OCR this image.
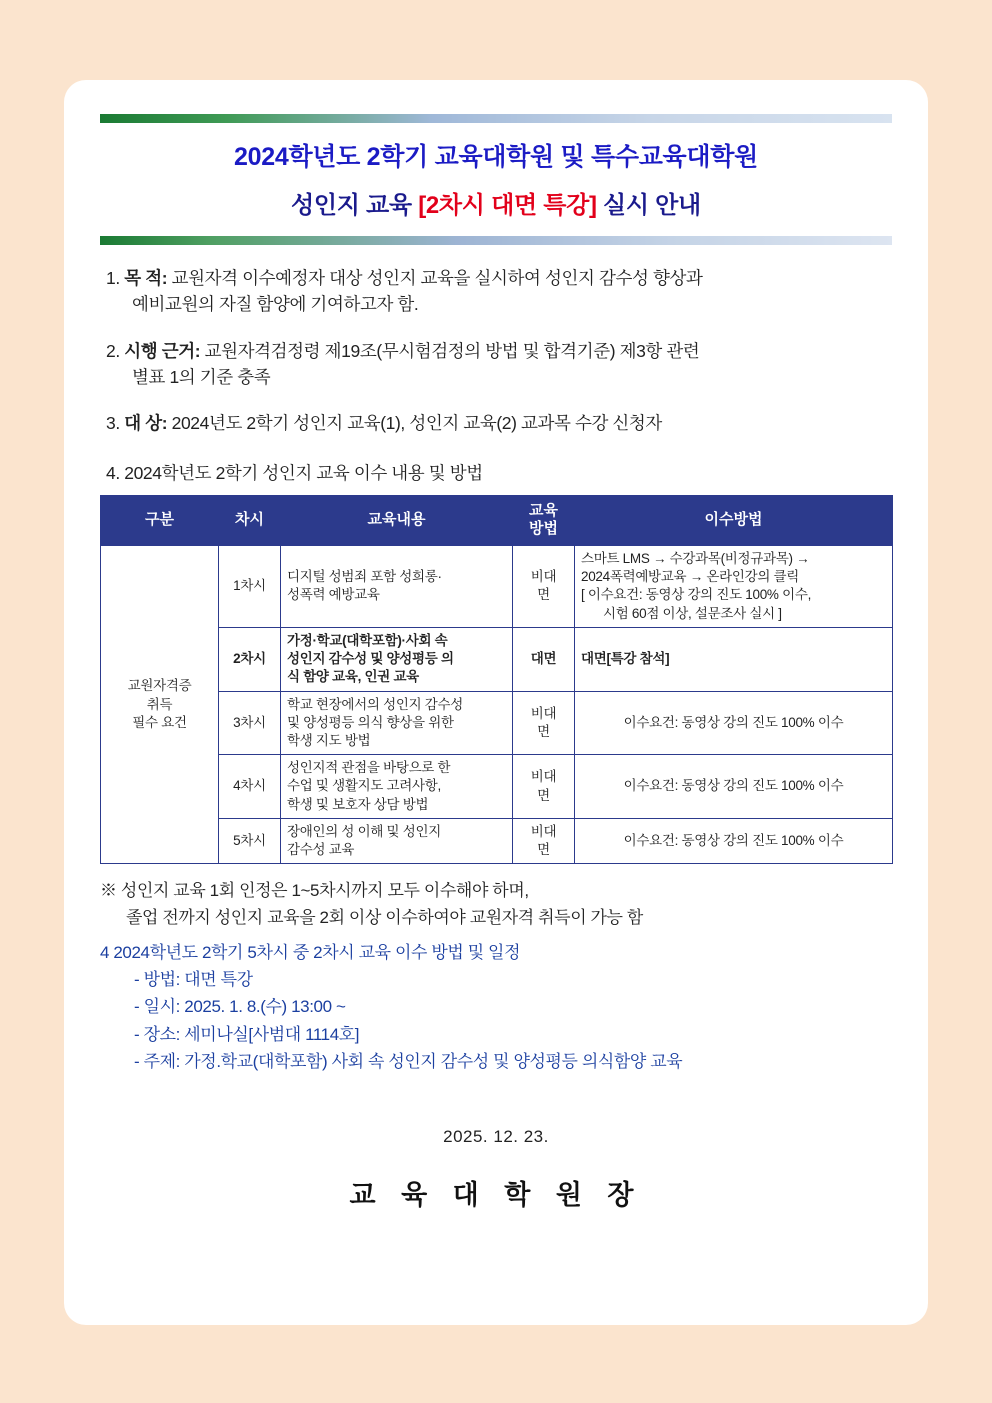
2024학년도 2학기 교육대학원 및 특수교육대학원
성인지 교육 [2차시 대면 특강] 실시 안내
1. 목 적: 교원자격 이수예정자 대상 성인지 교육을 실시하여 성인지 감수성 향상과
예비교원의 자질 함양에 기여하고자 함.
2. 시행 근거: 교원자격검정령 제19조(무시험검정의 방법 및 합격기준) 제3항 관련
별표 1의 기준 충족
3. 대 상: 2024년도 2학기 성인지 교육(1), 성인지 교육(2) 교과목 수강 신청자
4. 2024학년도 2학기 성인지 교육 이수 내용 및 방법
구분	차시	교육내용	교육
방법	이수방법
교원자격증
취득
필수 요건	1차시	디지털 성범죄 포함 성희롱·
성폭력 예방교육	비대
면	스마트 LMS → 수강과목(비정규과목) →
2024폭력예방교육 → 온라인강의 클릭
[ 이수요건: 동영상 강의 진도 100% 이수,
시험 60점 이상, 설문조사 실시 ]
	2차시	가정·학교(대학포함)·사회 속
성인지 감수성 및 양성평등 의
식 함양 교육, 인권 교육	대면	대면[특강 참석]
	3차시	학교 현장에서의 성인지 감수성
및 양성평등 의식 향상을 위한
학생 지도 방법	비대
면	이수요건: 동영상 강의 진도 100% 이수
	4차시	성인지적 관점을 바탕으로 한
수업 및 생활지도 고려사항,
학생 및 보호자 상담 방법	비대
면	이수요건: 동영상 강의 진도 100% 이수
	5차시	장애인의 성 이해 및 성인지
감수성 교육	비대
면	이수요건: 동영상 강의 진도 100% 이수
※ 성인지 교육 1회 인정은 1~5차시까지 모두 이수해야 하며,
졸업 전까지 성인지 교육을 2회 이상 이수하여야 교원자격 취득이 가능 함
4 2024학년도 2학기 5차시 중 2차시 교육 이수 방법 및 일정
- 방법: 대면 특강
- 일시: 2025. 1. 8.(수) 13:00 ~
- 장소: 세미나실[사범대 1114호]
- 주제: 가정.학교(대학포함) 사회 속 성인지 감수성 및 양성평등 의식함양 교육
2025. 12. 23.
교 육 대 학 원 장
